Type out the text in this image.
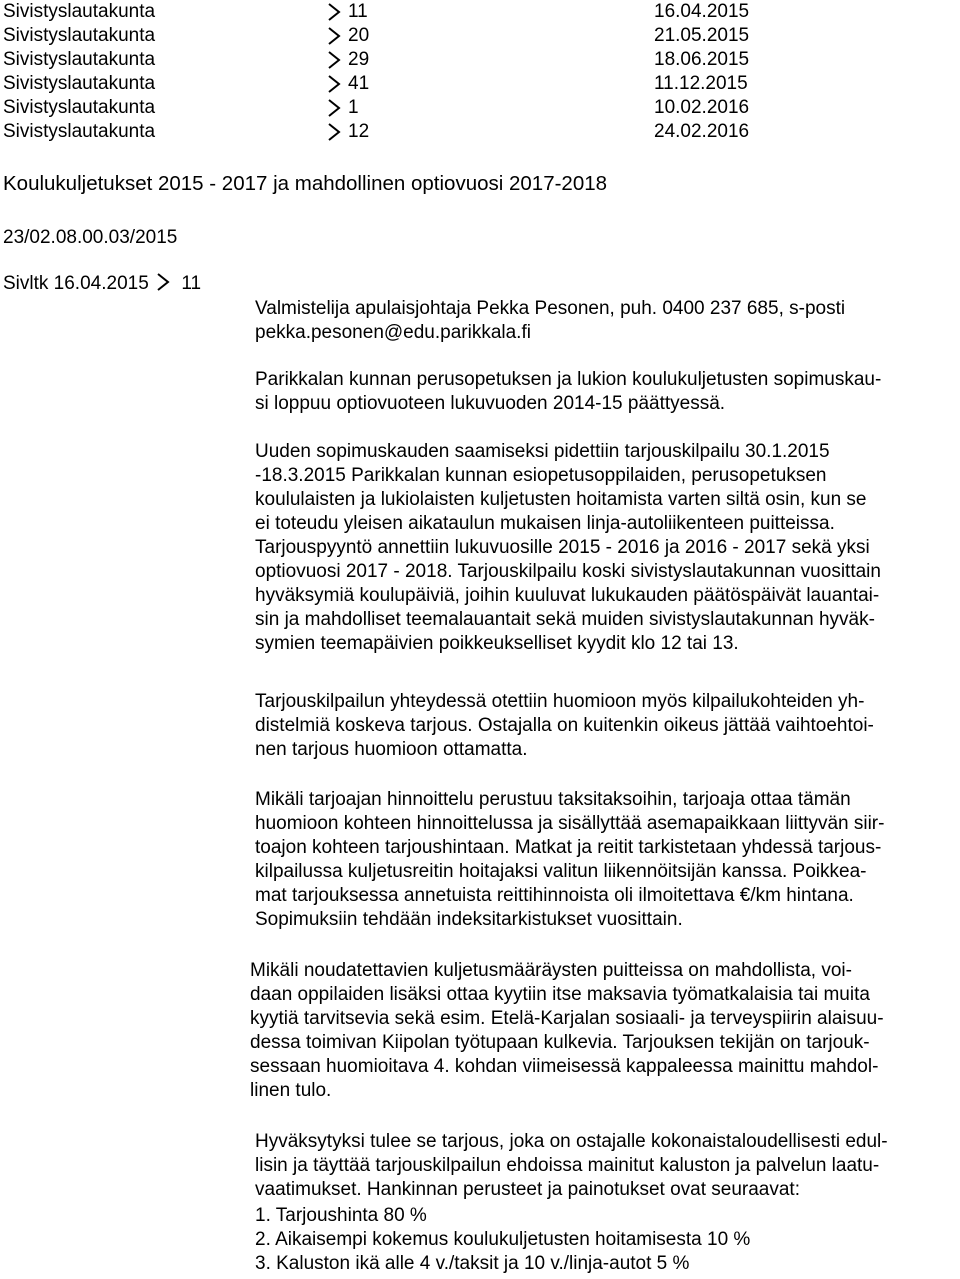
Sivistyslautakunta	11	16.04.2015
Sivistyslautakunta	20	21.05.2015
Sivistyslautakunta	29	18.06.2015
Sivistyslautakunta	41	11.12.2015
Sivistyslautakunta	1	10.02.2016
Sivistyslautakunta	12	24.02.2016
Koulukuljetukset 2015 - 2017 ja mahdollinen optiovuosi 2017-2018
23/02.08.00.03/2015
Sivltk 16.04.2015 11
Valmistelija apulaisjohtaja Pekka Pesonen, puh. 0400 237 685, s-posti
pekka.pesonen@edu.parikkala.fi
Parikkalan kunnan perusopetuksen ja lukion koulukuljetusten sopimuskau-
si loppuu optiovuoteen lukuvuoden 2014-15 päättyessä.
Uuden sopimuskauden saamiseksi pidettiin tarjouskilpailu 30.1.2015
-18.3.2015 Parikkalan kunnan esiopetusoppilaiden, perusopetuksen
koululaisten ja lukiolaisten kuljetusten hoitamista varten siltä osin, kun se
ei toteudu yleisen aikataulun mukaisen linja-autoliikenteen puitteissa.
Tarjouspyyntö annettiin lukuvuosille 2015 - 2016 ja 2016 - 2017 sekä yksi
optiovuosi 2017 - 2018. Tarjouskilpailu koski sivistyslautakunnan vuosittain
hyväksymiä koulupäiviä, joihin kuuluvat lukukauden päätöspäivät lauantai-
sin ja mahdolliset teemalauantait sekä muiden sivistyslautakunnan hyväk-
symien teemapäivien poikkeukselliset kyydit klo 12 tai 13.
Tarjouskilpailun yhteydessä otettiin huomioon myös kilpailukohteiden yh-
distelmiä koskeva tarjous. Ostajalla on kuitenkin oikeus jättää vaihtoehtoi-
nen tarjous huomioon ottamatta.
Mikäli tarjoajan hinnoittelu perustuu taksitaksoihin, tarjoaja ottaa tämän
huomioon kohteen hinnoittelussa ja sisällyttää asemapaikkaan liittyvän siir-
toajon kohteen tarjoushintaan. Matkat ja reitit tarkistetaan yhdessä tarjous-
kilpailussa kuljetusreitin hoitajaksi valitun liikennöitsijän kanssa. Poikkea-
mat tarjouksessa annetuista reittihinnoista oli ilmoitettava €/km hintana.
Sopimuksiin tehdään indeksitarkistukset vuosittain.
Mikäli noudatettavien kuljetusmääräysten puitteissa on mahdollista, voi-
daan oppilaiden lisäksi ottaa kyytiin itse maksavia työmatkalaisia tai muita
kyytiä tarvitsevia sekä esim. Etelä-Karjalan sosiaali- ja terveyspiirin alaisuu-
dessa toimivan Kiipolan työtupaan kulkevia. Tarjouksen tekijän on tarjouk-
sessaan huomioitava 4. kohdan viimeisessä kappaleessa mainittu mahdol-
linen tulo.
Hyväksytyksi tulee se tarjous, joka on ostajalle kokonaistaloudellisesti edul-
lisin ja täyttää tarjouskilpailun ehdoissa mainitut kaluston ja palvelun laatu-
vaatimukset. Hankinnan perusteet ja painotukset ovat seuraavat:
1. Tarjoushinta 80 %
2. Aikaisempi kokemus koulukuljetusten hoitamisesta 10 %
3. Kaluston ikä alle 4 v./taksit ja 10 v./linja-autot 5 %
